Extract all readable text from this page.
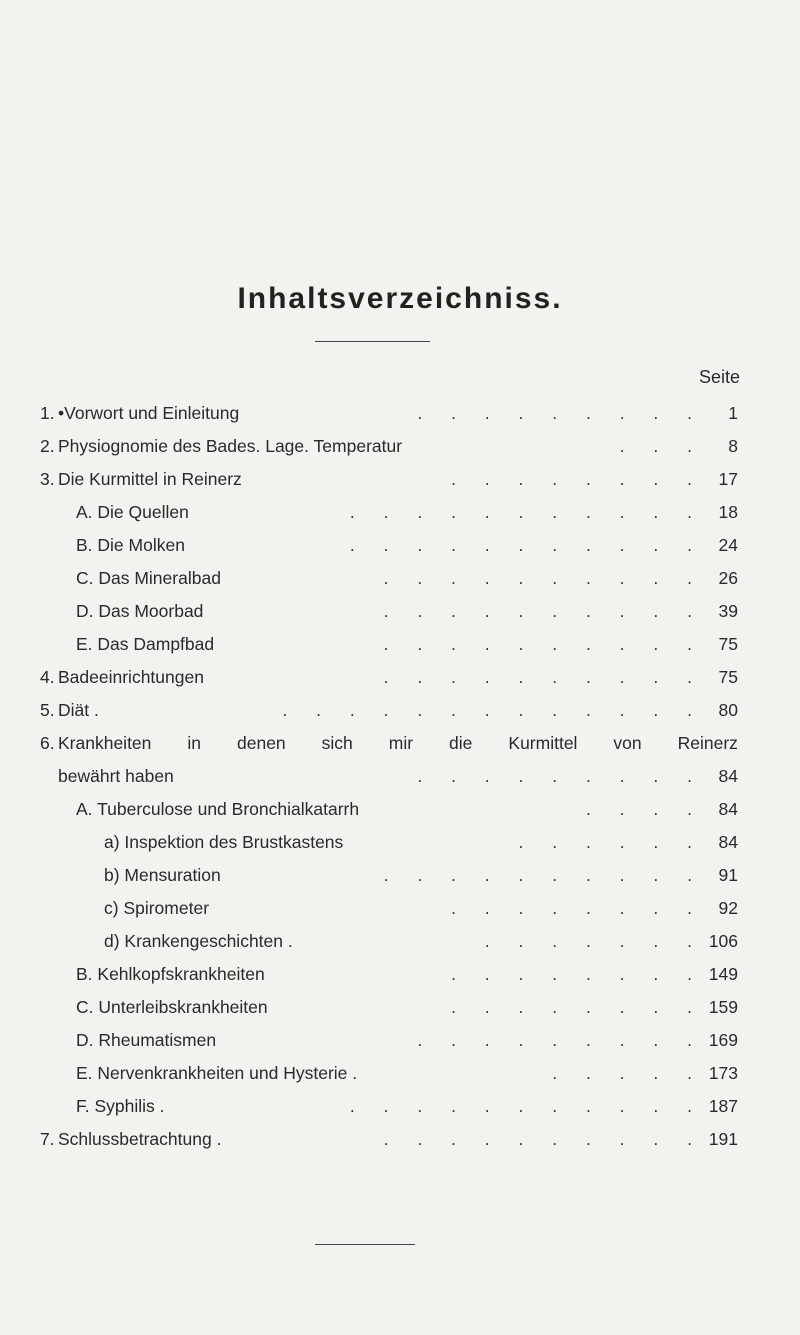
Inhaltsverzeichniss.
Seite
1. •Vorwort und Einleitung	. . . . . . . . .	1
2. Physiognomie des Bades. Lage. Temperatur	. . .	8
3. Die Kurmittel in Reinerz	. . . . . . . . 17
A. Die Quellen	. . . . . . . . . . . 18
B. Die Molken	. . . . . . . . . . . 24
C. Das Mineralbad	. . . . . . . . . . 26
D. Das Moorbad	. . . . . . . . . . 39
E. Das Dampfbad	. . . . . . . . . . 75
4. Badeeinrichtungen	. . . . . . . . . . 75
5. Diät .	. . . . . . . . . . . . . 80
6. Krankheiten in denen sich mir die Kurmittel von Reinerz
bewährt haben	. . . . . . . . . 84
A. Tuberculose und Bronchialkatarrh	. . . . 84
a) Inspektion des Brustkastens	. . . . . . 84
b) Mensuration	. . . . . . . . . . 91
c) Spirometer	. . . . . . . . 92
d) Krankengeschichten .	. . . . . . . 106
B. Kehlkopfskrankheiten	. . . . . . . . 149
C. Unterleibskrankheiten	. . . . . . . . 159
D. Rheumatismen	. . . . . . . . . 169
E. Nervenkrankheiten und Hysterie .	. . . . . 173
F. Syphilis .	. . . . . . . . . . . 187
7. Schlussbetrachtung .	. . . . . . . . . . 191
